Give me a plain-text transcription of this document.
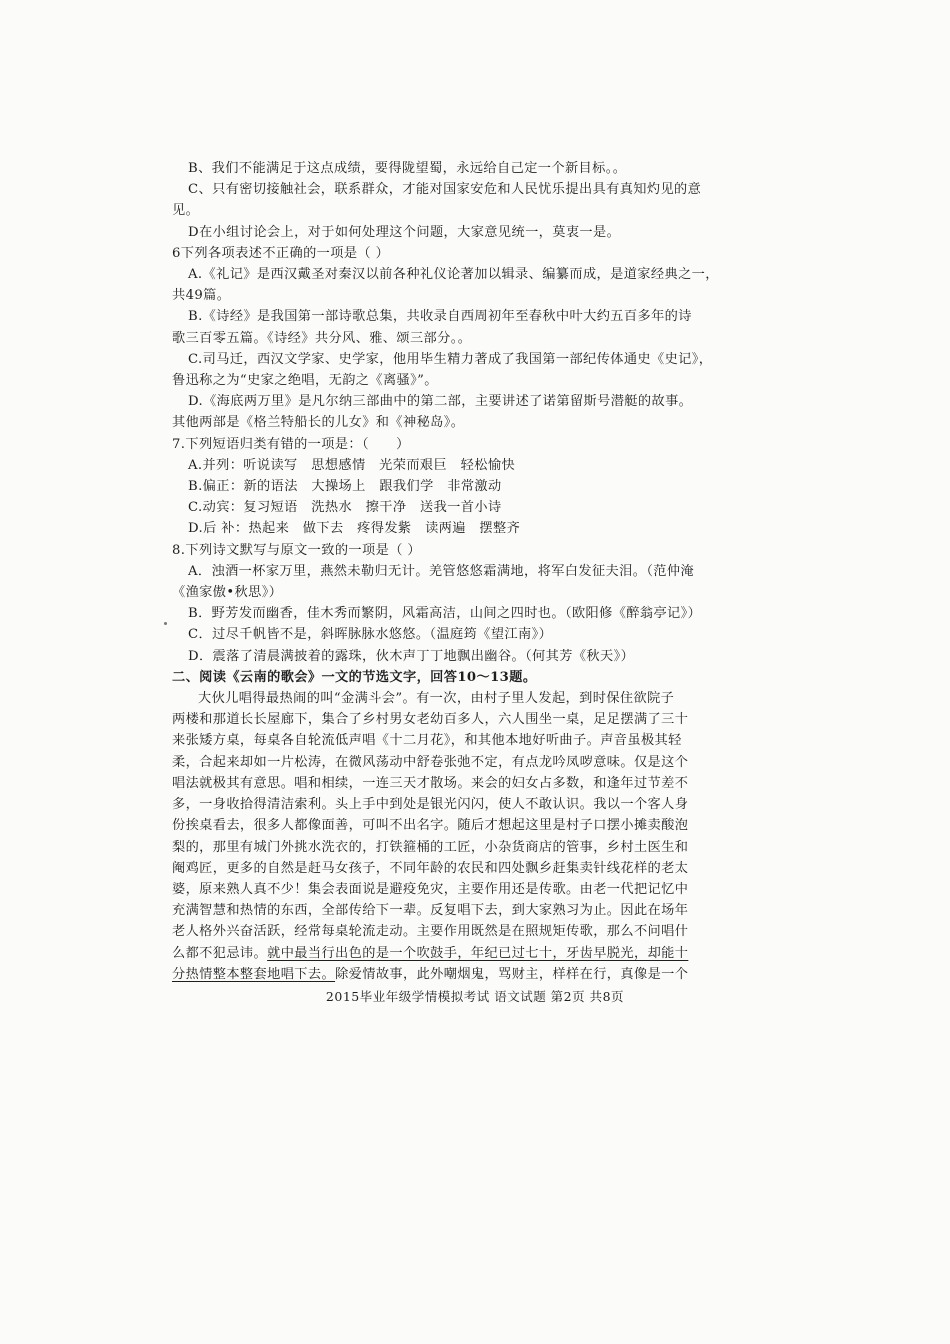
B、我们不能满足于这点成绩，要得陇望蜀，永远给自己定一个新目标。。
C、只有密切接触社会，联系群众，才能对国家安危和人民忧乐提出具有真知灼见的意
见。
D在小组讨论会上，对于如何处理这个问题，大家意见统一，莫衷一是。
6下列各项表述不正确的一项是（ ）
A.《礼记》是西汉戴圣对秦汉以前各种礼仪论著加以辑录、编纂而成，是道家经典之一，
共49篇。
B.《诗经》是我国第一部诗歌总集，共收录自西周初年至春秋中叶大约五百多年的诗
歌三百零五篇。《诗经》共分风、雅、颂三部分。。
C.司马迁，西汉文学家、史学家，他用毕生精力著成了我国第一部纪传体通史《史记》，
鲁迅称之为“史家之绝唱，无韵之《离骚》”。
D.《海底两万里》是凡尔纳三部曲中的第二部，主要讲述了诺第留斯号潜艇的故事。
其他两部是《格兰特船长的儿女》和《神秘岛》。
7.下列短语归类有错的一项是：（　　）
A.并列：听说读写　思想感情　光荣而艰巨　轻松愉快
B.偏正：新的语法　大操场上　跟我们学　非常激动
C.动宾：复习短语　洗热水　擦干净　送我一首小诗
D.后 补：热起来　做下去　疼得发紫　读两遍　摆整齐
8.下列诗文默写与原文一致的一项是（ ）
A．浊酒一杯家万里，燕然未勒归无计。羌管悠悠霜满地，将军白发征夫泪。（范仲淹
《渔家傲•秋思》）
B．野芳发而幽香，佳木秀而繁阴，风霜高洁，山间之四时也。（欧阳修《醉翁亭记》）
C．过尽千帆皆不是，斜晖脉脉水悠悠。（温庭筠《望江南》）
D．震落了清晨满披着的露珠，伙木声丁丁地飘出幽谷。（何其芳《秋天》）
二、阅读《云南的歌会》一文的节选文字，回答10～13题。
大伙儿唱得最热闹的叫“金满斗会”。有一次，由村子里人发起，到时保住欲院子
两楼和那道长长屋廊下，集合了乡村男女老幼百多人，六人围坐一桌，足足摆满了三十
来张矮方桌，每桌各自轮流低声唱《十二月花》，和其他本地好听曲子。声音虽极其轻
柔，合起来却如一片松涛，在微风荡动中舒卷张弛不定，有点龙吟凤哕意味。仅是这个
唱法就极其有意思。唱和相续，一连三天才散场。来会的妇女占多数，和逢年过节差不
多，一身收拾得清洁索利。头上手中到处是银光闪闪，使人不敢认识。我以一个客人身
份挨桌看去，很多人都像面善，可叫不出名字。随后才想起这里是村子口摆小摊卖酸泡
梨的，那里有城门外挑水洗衣的，打铁箍桶的工匠，小杂货商店的管事，乡村土医生和
阉鸡匠，更多的自然是赶马女孩子，不同年龄的农民和四处飘乡赶集卖针线花样的老太
婆，原来熟人真不少！集会表面说是避疫免灾，主要作用还是传歌。由老一代把记忆中
充满智慧和热情的东西，全部传给下一辈。反复唱下去，到大家熟习为止。因此在场年
老人格外兴奋活跃，经常每桌轮流走动。主要作用既然是在照规矩传歌，那么不问唱什
么都不犯忌讳。就中最当行出色的是一个吹鼓手，年纪已过七十，牙齿早脱光，却能十
分热情整本整套地唱下去。除爱情故事，此外嘲烟鬼，骂财主，样样在行，真像是一个
2015毕业年级学情模拟考试 语文试题 第2页 共8页
